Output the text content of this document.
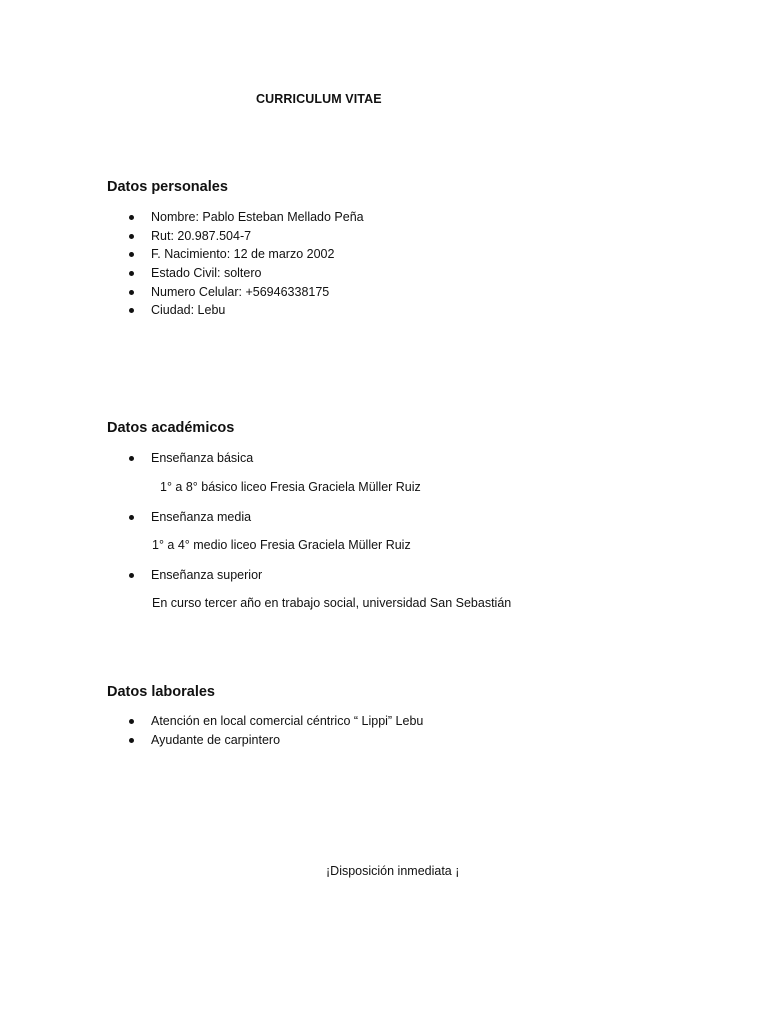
CURRICULUM VITAE
Datos personales
Nombre: Pablo Esteban Mellado Peña
Rut: 20.987.504-7
F. Nacimiento: 12 de marzo 2002
Estado Civil: soltero
Numero Celular: +56946338175
Ciudad: Lebu
Datos académicos
Enseñanza básica
1° a 8° básico liceo Fresia Graciela Müller Ruiz
Enseñanza media
1° a 4° medio liceo Fresia Graciela Müller Ruiz
Enseñanza superior
En curso tercer año en trabajo social, universidad San Sebastián
Datos laborales
Atención en local comercial céntrico “ Lippi” Lebu
Ayudante de carpintero
¡Disposición inmediata ¡
